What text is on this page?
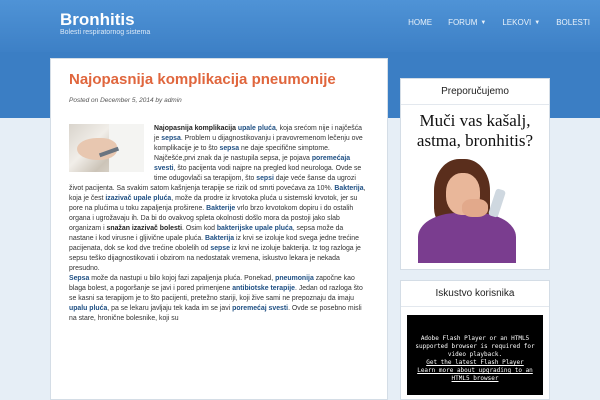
Bronhitis
Bolesti respiratornog sistema
HOME FORUM ▼ LEKOVI ▼ BOLESTI
Najopasnija komplikacija pneumonije
Posted on December 5, 2014 by admin

Najopasnija komplikacija upale pluća, koja srećom nije i najčešća je sepsa. Problem u dijagnostikovanju i pravovremenom lečenju ove komplikacije je to što sepsa ne daje specifične simptome. Najčešće,prvi znak da je nastupila sepsa, je pojava poremećaja svesti, što pacijenta vodi najpre na pregled kod neurologa. Ovde se time odugovlači sa terapijom, što sepsi daje veće šanse da ugrozi život pacijenta. Sa svakim satom kašnjenja terapije se rizik od smrti povećava za 10%. Bakterija, koja je čest izazivač upale pluća, može da prodre iz krvotoka pluća u sistemski krvotok, jer su pore na plućima u toku zapaljenja proširene. Bakterije vrlo brzo krvotokom dopiru i do ostalih organa i ugrožavaju ih. Da bi do ovakvog spleta okolnosti došlo mora da postoji jako slab organizam i snažan izazivač bolesti. Osim kod bakterijske upale pluća, sepsa može da nastane i kod virusne i gljivične upale pluća. Bakterija iz krvi se izoluje kod svega jedne trećine pacijenata, dok se kod dve trećine obolelih od sepse iz krvi ne izoluje bakterija. Iz tog razloga je sepsu teško dijagnostikovati i obzirom na nedostatak vremena, iskustvo lekara je nekada presudno.

Sepsa može da nastupi u bilo kojoj fazi zapaljenja pluća. Ponekad, pneumonija započne kao blaga bolest, a pogoršanje se javi i pored primenjene antibiotske terapije. Jedan od razloga što se kasni sa terapijom je to što pacijenti, pretežno stariji, koji žive sami ne prepoznaju da imaju upalu pluća, pa se lekaru javljaju tek kada im se javi poremećaj svesti. Ovde se posebno misli na stare, hronične bolesnike, koji su

Preporučujemo
Muči vas kašalj,
astma, bronhitis?
Iskustvo korisnika
Adobe Flash Player or an HTML5
supported browser is required for
video playback.
Get the latest Flash Player
Learn more about upgrading to an
HTML5 browser
